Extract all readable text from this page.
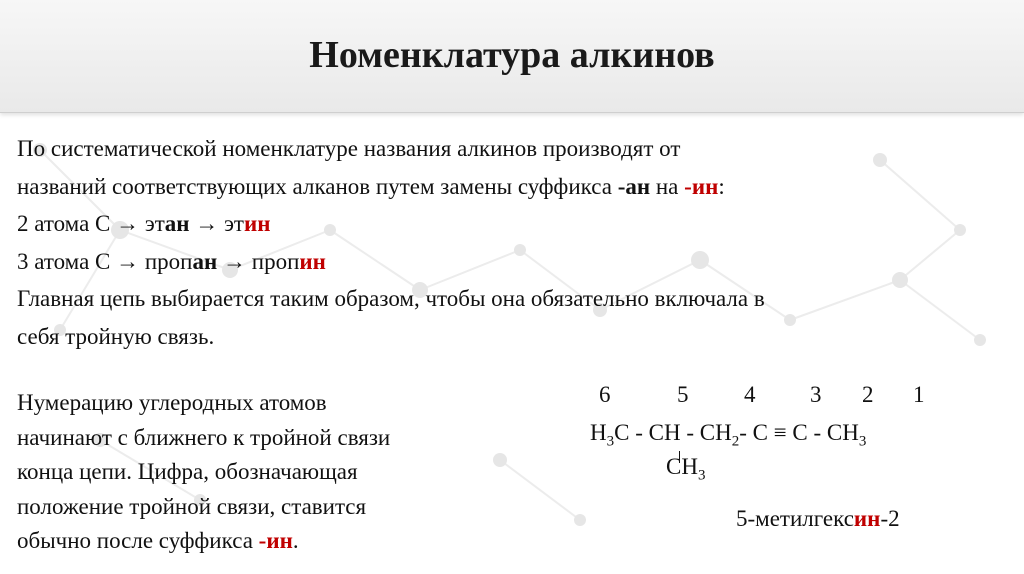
Номенклатура алкинов
По систематической номенклатуре названия алкинов производят от
названий соответствующих алканов путем замены суффикса -ан на -ин:
2 атома С → этан → этин
3 атома С → пропан → пропин
Главная цепь выбирается таким образом, чтобы она обязательно включала в
себя тройную связь.
Нумерацию углеродных атомов
начинают с ближнего к тройной связи
конца цепи. Цифра, обозначающая
положение тройной связи, ставится
обычно после суффикса -ин.
6	5 4 3 2 1
$H_3C$ - CH - $CH_2-$ $C \equiv C - CH_3$
$CH_3$
5-метилгексин-2
